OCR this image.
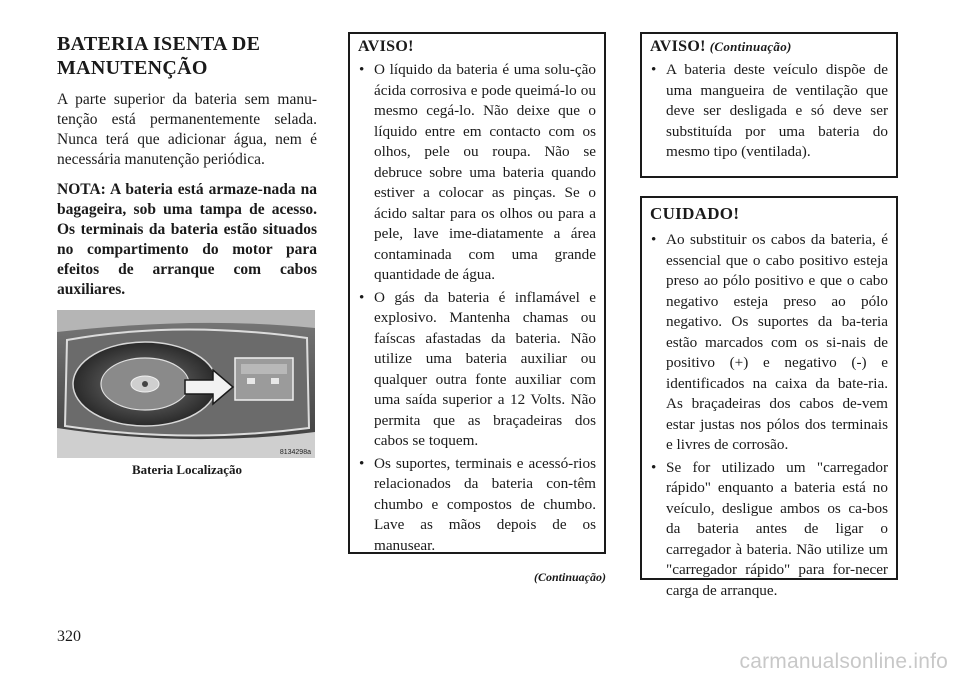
BATERIA ISENTA DE MANUTENÇÃO

A parte superior da bateria sem manu-tenção está permanentemente selada. Nunca terá que adicionar água, nem é necessária manutenção periódica.

NOTA: A bateria está armaze-nada na bagageira, sob uma tampa de acesso. Os terminais da bateria estão situados no compartimento do motor para efeitos de arranque com cabos auxiliares.

8134298a
Bateria Localização
AVISO!
• O líquido da bateria é uma solu-ção ácida corrosiva e pode queimá-lo ou mesmo cegá-lo. Não deixe que o líquido entre em contacto com os olhos, pele ou roupa. Não se debruce sobre uma bateria quando estiver a colocar as pinças. Se o ácido saltar para os olhos ou para a pele, lave ime-diatamente a área contaminada com uma grande quantidade de água.
• O gás da bateria é inflamável e explosivo. Mantenha chamas ou faíscas afastadas da bateria. Não utilize uma bateria auxiliar ou qualquer outra fonte auxiliar com uma saída superior a 12 Volts. Não permita que as braçadeiras dos cabos se toquem.
• Os suportes, terminais e acessó-rios relacionados da bateria con-têm chumbo e compostos de chumbo. Lave as mãos depois de os manusear.
(Continuação)
AVISO! (Continuação)
• A bateria deste veículo dispõe de uma mangueira de ventilação que deve ser desligada e só deve ser substituída por uma bateria do mesmo tipo (ventilada).
CUIDADO!
• Ao substituir os cabos da bateria, é essencial que o cabo positivo esteja preso ao pólo positivo e que o cabo negativo esteja preso ao pólo negativo. Os suportes da ba-teria estão marcados com os si-nais de positivo (+) e negativo (-) e identificados na caixa da bate-ria. As braçadeiras dos cabos de-vem estar justas nos pólos dos terminais e livres de corrosão.
• Se for utilizado um "carregador rápido" enquanto a bateria está no veículo, desligue ambos os ca-bos da bateria antes de ligar o carregador à bateria. Não utilize um "carregador rápido" para for-necer carga de arranque.
320
carmanualsonline.info
